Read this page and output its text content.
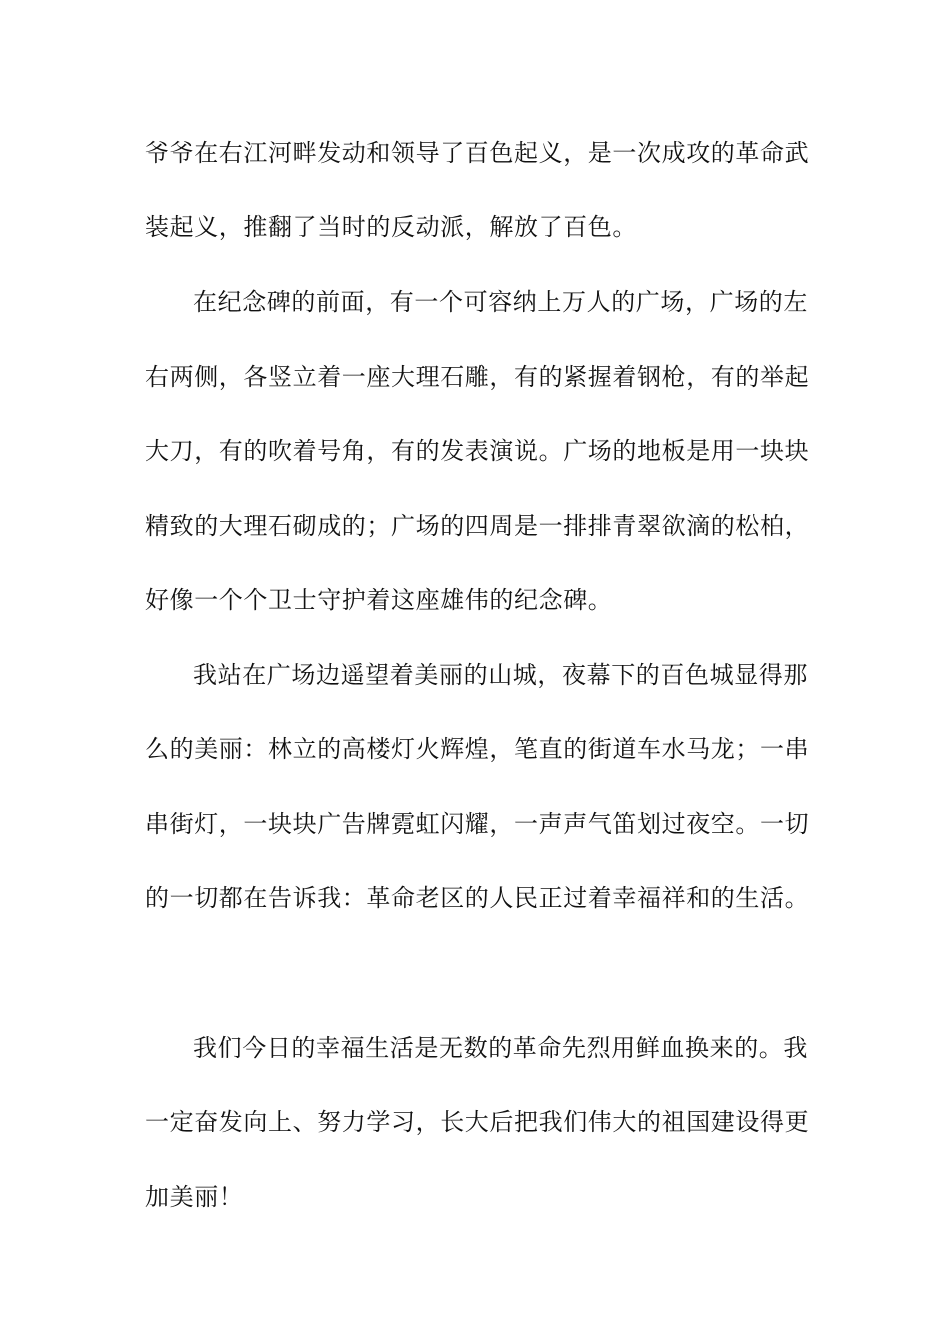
爷爷在右江河畔发动和领导了百色起义，是一次成攻的革命武
装起义，推翻了当时的反动派，解放了百色。
在纪念碑的前面，有一个可容纳上万人的广场，广场的左
右两侧，各竖立着一座大理石雕，有的紧握着钢枪，有的举起
大刀，有的吹着号角，有的发表演说。广场的地板是用一块块
精致的大理石砌成的；广场的四周是一排排青翠欲滴的松柏，
好像一个个卫士守护着这座雄伟的纪念碑。
我站在广场边遥望着美丽的山城，夜幕下的百色城显得那
么的美丽：林立的高楼灯火辉煌，笔直的街道车水马龙；一串
串街灯，一块块广告牌霓虹闪耀，一声声气笛划过夜空。一切
的一切都在告诉我：革命老区的人民正过着幸福祥和的生活。
我们今日的幸福生活是无数的革命先烈用鲜血换来的。我
一定奋发向上、努力学习，长大后把我们伟大的祖国建设得更
加美丽！
